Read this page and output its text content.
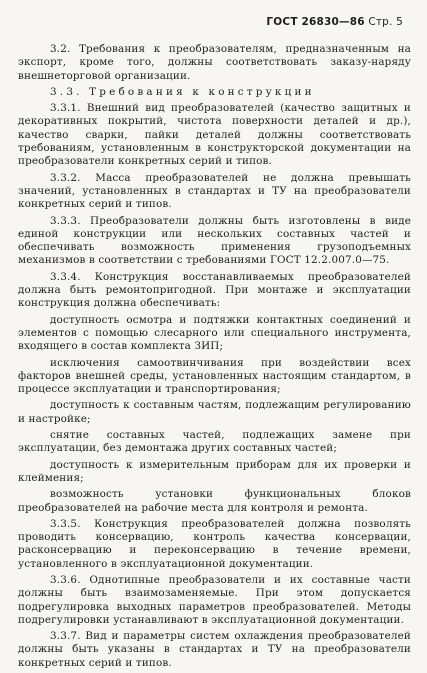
ГОСТ 26830—86 Стр. 5

3.2. Требования к преобразователям, предназначенным на экспорт, кроме того, должны соответствовать заказу-наряду внешнеторговой организации.

3.3. Требования к конструкции

3.3.1. Внешний вид преобразователей (качество защитных и декоративных покрытий, чистота поверхности деталей и др.), качество сварки, пайки деталей должны соответствовать требованиям, установленным в конструкторской документации на преобразователи конкретных серий и типов.

3.3.2. Масса преобразователей не должна превышать значений, установленных в стандартах и ТУ на преобразователи конкретных серий и типов.

3.3.3. Преобразователи должны быть изготовлены в виде единой конструкции или нескольких составных частей и обеспечивать возможность применения грузоподъемных механизмов в соответствии с требованиями ГОСТ 12.2.007.0—75.

3.3.4. Конструкция восстанавливаемых преобразователей должна быть ремонтопригодной. При монтаже и эксплуатации конструкция должна обеспечивать:

доступность осмотра и подтяжки контактных соединений и элементов с помощью слесарного или специального инструмента, входящего в состав комплекта ЗИП;

исключения самоотвинчивания при воздействии всех факторов внешней среды, установленных настоящим стандартом, в процессе эксплуатации и транспортирования;

доступность к составным частям, подлежащим регулированию и настройке;

снятие составных частей, подлежащих замене при эксплуатации, без демонтажа других составных частей;

доступность к измерительным приборам для их проверки и клеймения;

возможность установки функциональных блоков преобразователей на рабочие места для контроля и ремонта.

3.3.5. Конструкция преобразователей должна позволять проводить консервацию, контроль качества консервации, расконсервацию и переконсервацию в течение времени, установленного в эксплуатационной документации.

3.3.6. Однотипные преобразователи и их составные части должны быть взаимозаменяемые. При этом допускается подрегулировка выходных параметров преобразователей. Методы подрегулировки устанавливают в эксплуатационной документации.

3.3.7. Вид и параметры систем охлаждения преобразователей должны быть указаны в стандартах и ТУ на преобразователи конкретных серий и типов.
